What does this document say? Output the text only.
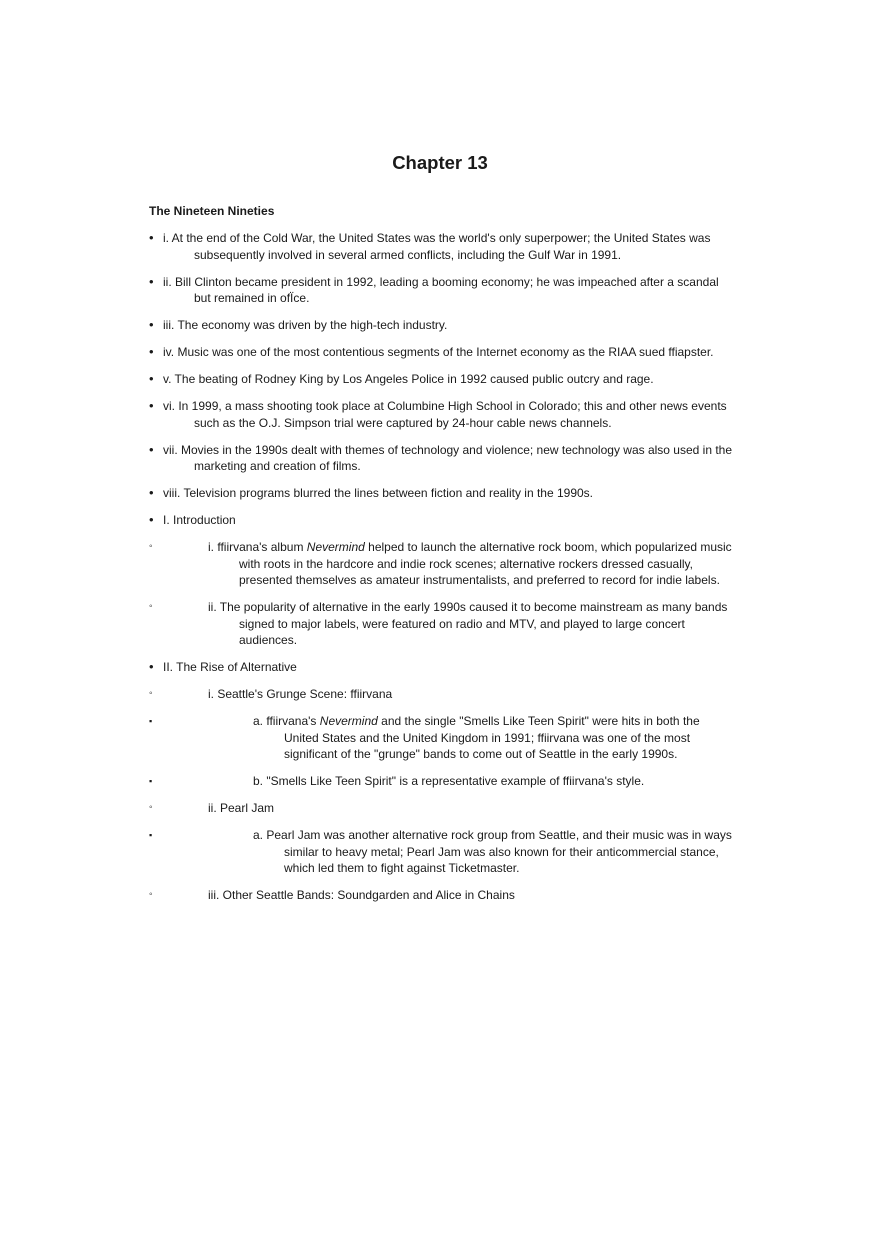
Chapter 13
The Nineteen Nineties
• i. At the end of the Cold War, the United States was the world's only superpower; the United States was subsequently involved in several armed conflicts, including the Gulf War in 1991.
• ii. Bill Clinton became president in 1992, leading a booming economy; he was impeached after a scandal but remained in ofÏce.
• iii. The economy was driven by the high-tech industry.
• iv. Music was one of the most contentious segments of the Internet economy as the RIAA sued ffiapster.
• v. The beating of Rodney King by Los Angeles Police in 1992 caused public outcry and rage.
• vi. In 1999, a mass shooting took place at Columbine High School in Colorado; this and other news events such as the O.J. Simpson trial were captured by 24-hour cable news channels.
• vii. Movies in the 1990s dealt with themes of technology and violence; new technology was also used in the marketing and creation of films.
• viii. Television programs blurred the lines between fiction and reality in the 1990s.
• I. Introduction
◦	i. ffiirvana's album Nevermind helped to launch the alternative rock boom, which popularized music with roots in the hardcore and indie rock scenes; alternative rockers dressed casually, presented themselves as amateur instrumentalists, and preferred to record for indie labels.
◦	ii. The popularity of alternative in the early 1990s caused it to become mainstream as many bands signed to major labels, were featured on radio and MTV, and played to large concert audiences.
• II. The Rise of Alternative
◦	i. Seattle's Grunge Scene: ffiirvana
▪	a. ffiirvana's Nevermind and the single "Smells Like Teen Spirit" were hits in both the United States and the United Kingdom in 1991; ffiirvana was one of the most significant of the "grunge" bands to come out of Seattle in the early 1990s.
▪	b. "Smells Like Teen Spirit" is a representative example of ffiirvana's style.
◦	ii. Pearl Jam
▪	a. Pearl Jam was another alternative rock group from Seattle, and their music was in ways similar to heavy metal; Pearl Jam was also known for their anticommercial stance, which led them to fight against Ticketmaster.
◦	iii. Other Seattle Bands: Soundgarden and Alice in Chains
